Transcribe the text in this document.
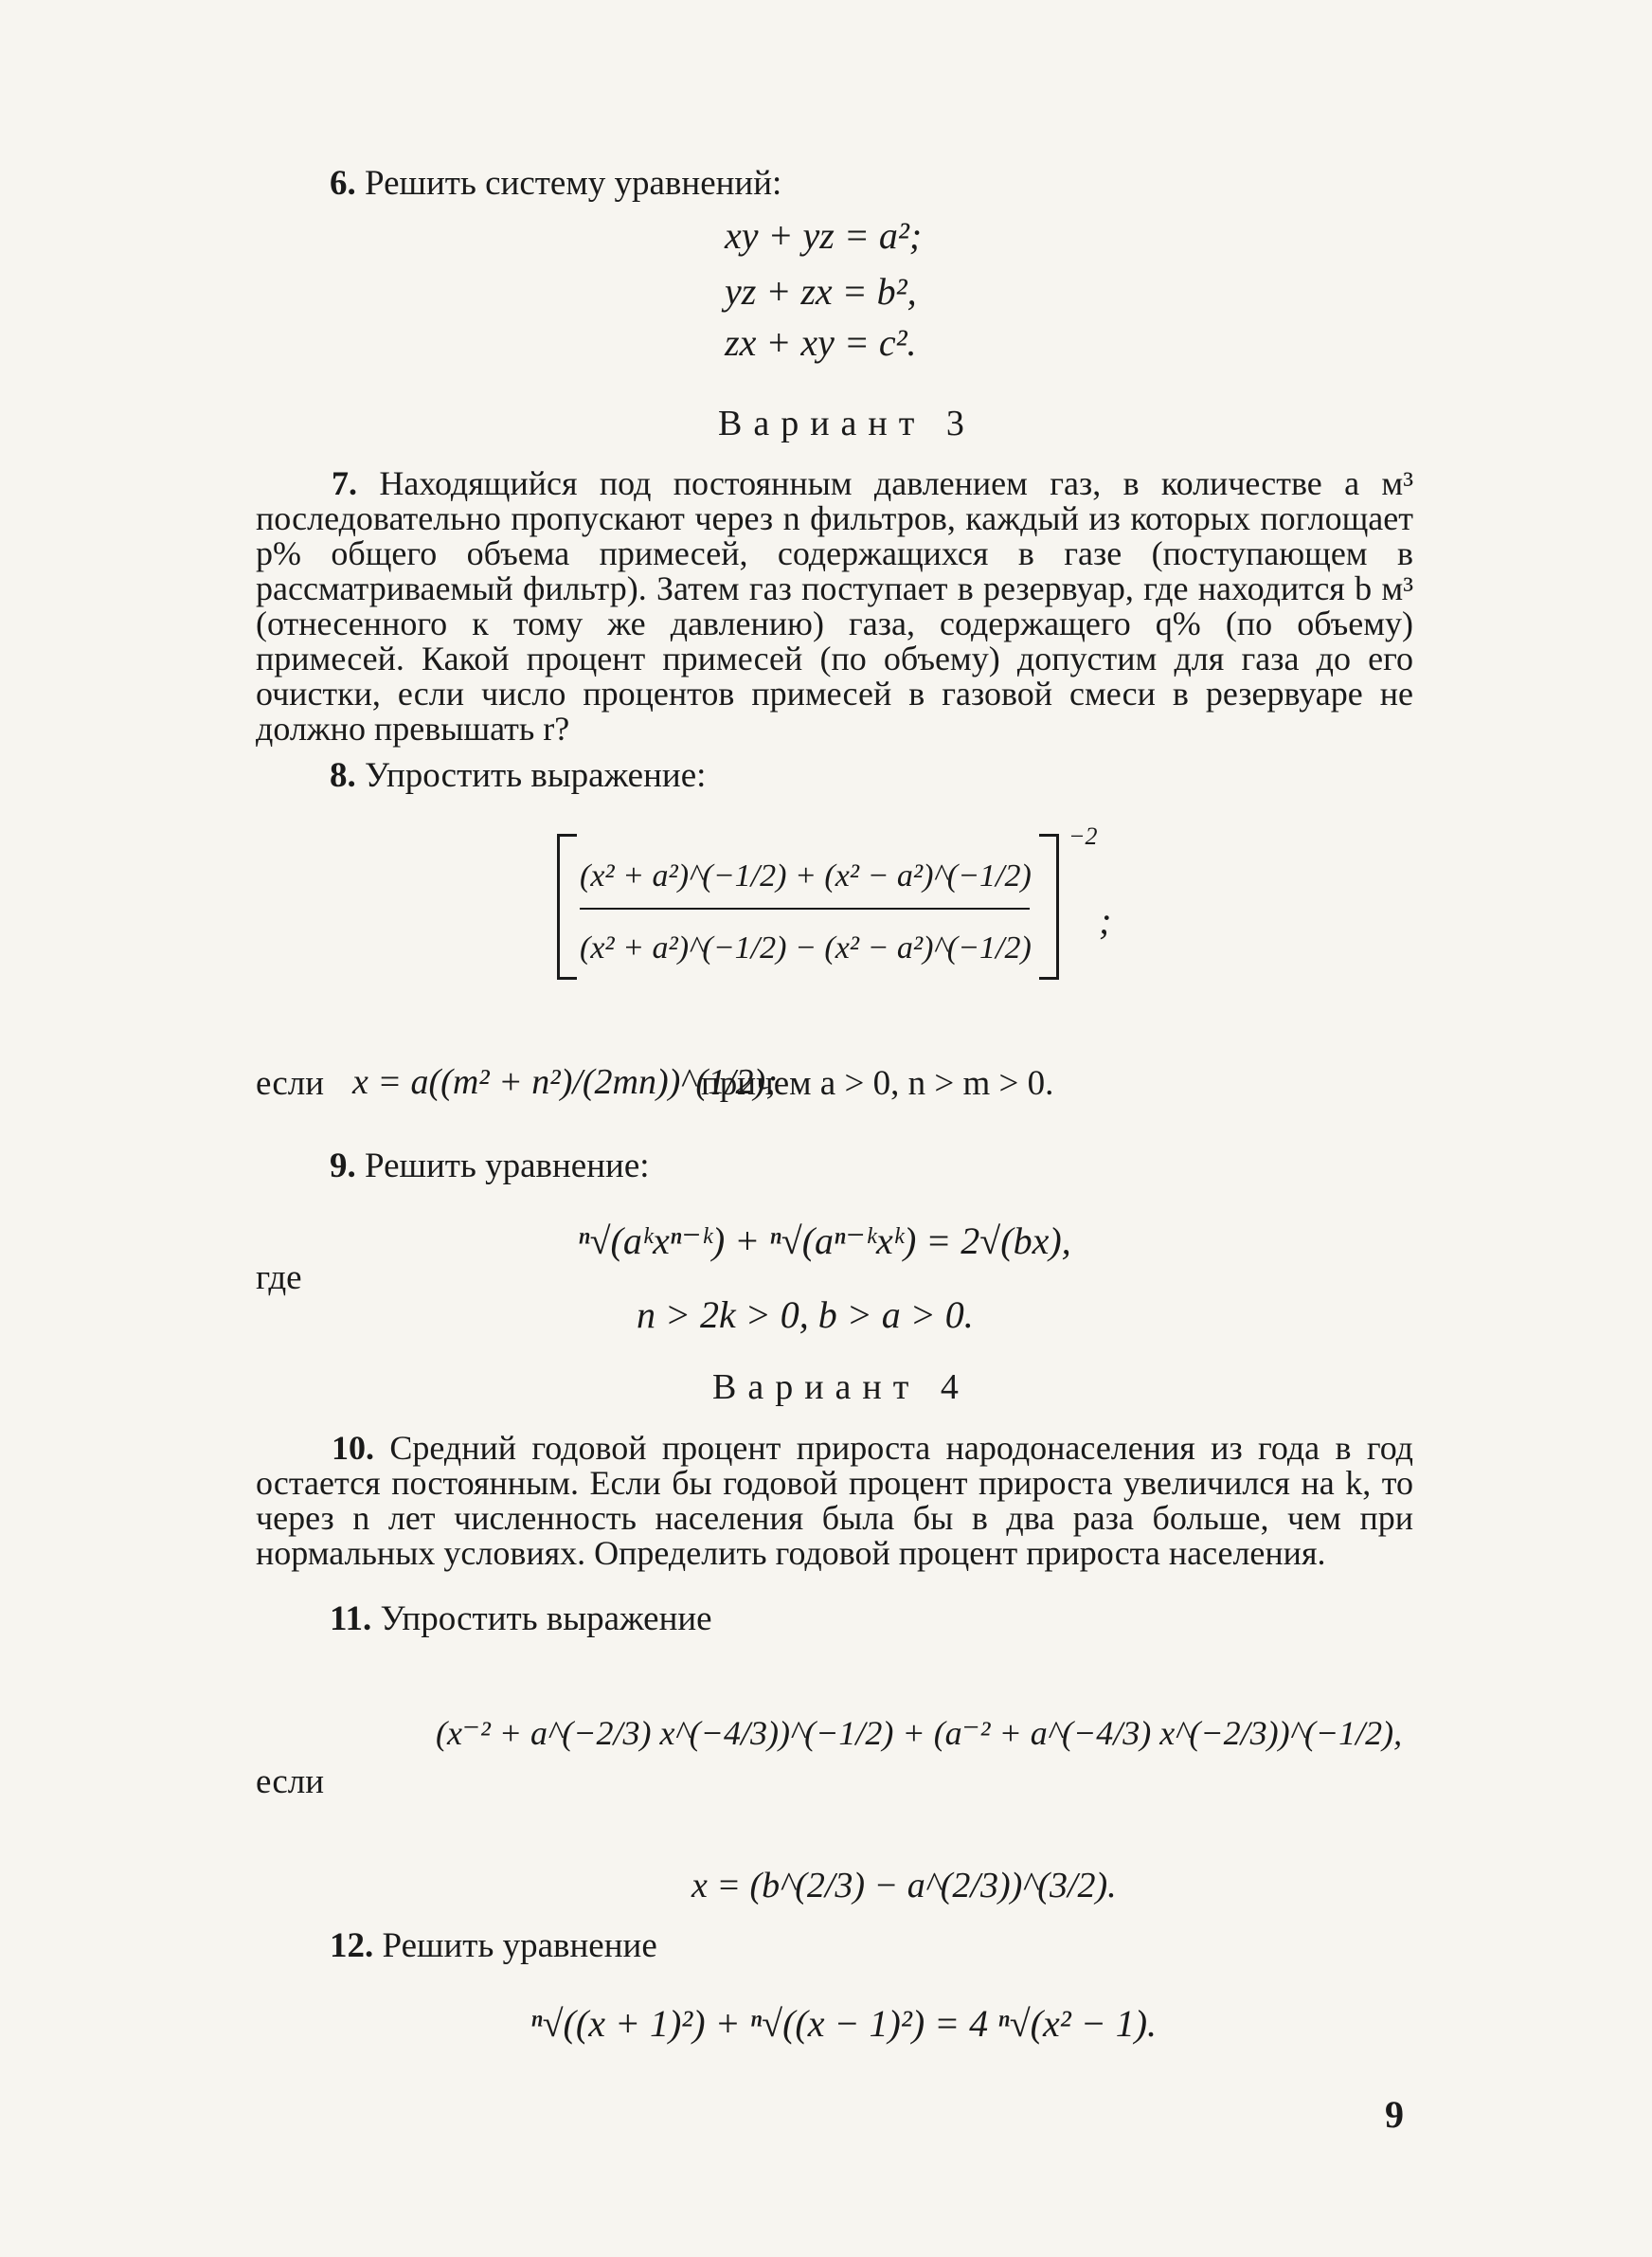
6. Решить систему уравнений:
xy + yz = a²;
yz + zx = b²,
zx + xy = c².
Вариант 3
7. Находящийся под постоянным давлением газ, в количестве a м³ последовательно пропускают через n фильтров, каждый из которых поглощает p% общего объема примесей, содержащихся в газе (поступающем в рассматриваемый фильтр). Затем газ поступает в резервуар, где находится b м³ (отнесенного к тому же давлению) газа, содержащего q% (по объему) примесей. Какой процент примесей (по объему) допустим для газа до его очистки, если число процентов примесей в газовой смеси в резервуаре не должно превышать r?
8. Упростить выражение:
−2
;
(x² + a²)^(−1/2) + (x² − a²)^(−1/2)
(x² + a²)^(−1/2) − (x² − a²)^(−1/2)
если x = a((m² + n²)/(2mn))^(1/2);
причем a > 0, n > m > 0.
9. Решить уравнение:
ⁿ√(aᵏxⁿ⁻ᵏ) + ⁿ√(aⁿ⁻ᵏxᵏ) = 2√(bx),
где
n > 2k > 0, b > a > 0.
Вариант 4
10. Средний годовой процент прироста народонаселения из года в год остается постоянным. Если бы годовой процент прироста увеличился на k, то через n лет численность населения была бы в два раза больше, чем при нормальных условиях. Определить годовой процент прироста населения.
11. Упростить выражение
(x⁻² + a^(−2/3) x^(−4/3))^(−1/2) + (a⁻² + a^(−4/3) x^(−2/3))^(−1/2),
если
x = (b^(2/3) − a^(2/3))^(3/2).
12. Решить уравнение
ⁿ√((x + 1)²) + ⁿ√((x − 1)²) = 4 ⁿ√(x² − 1).
9
